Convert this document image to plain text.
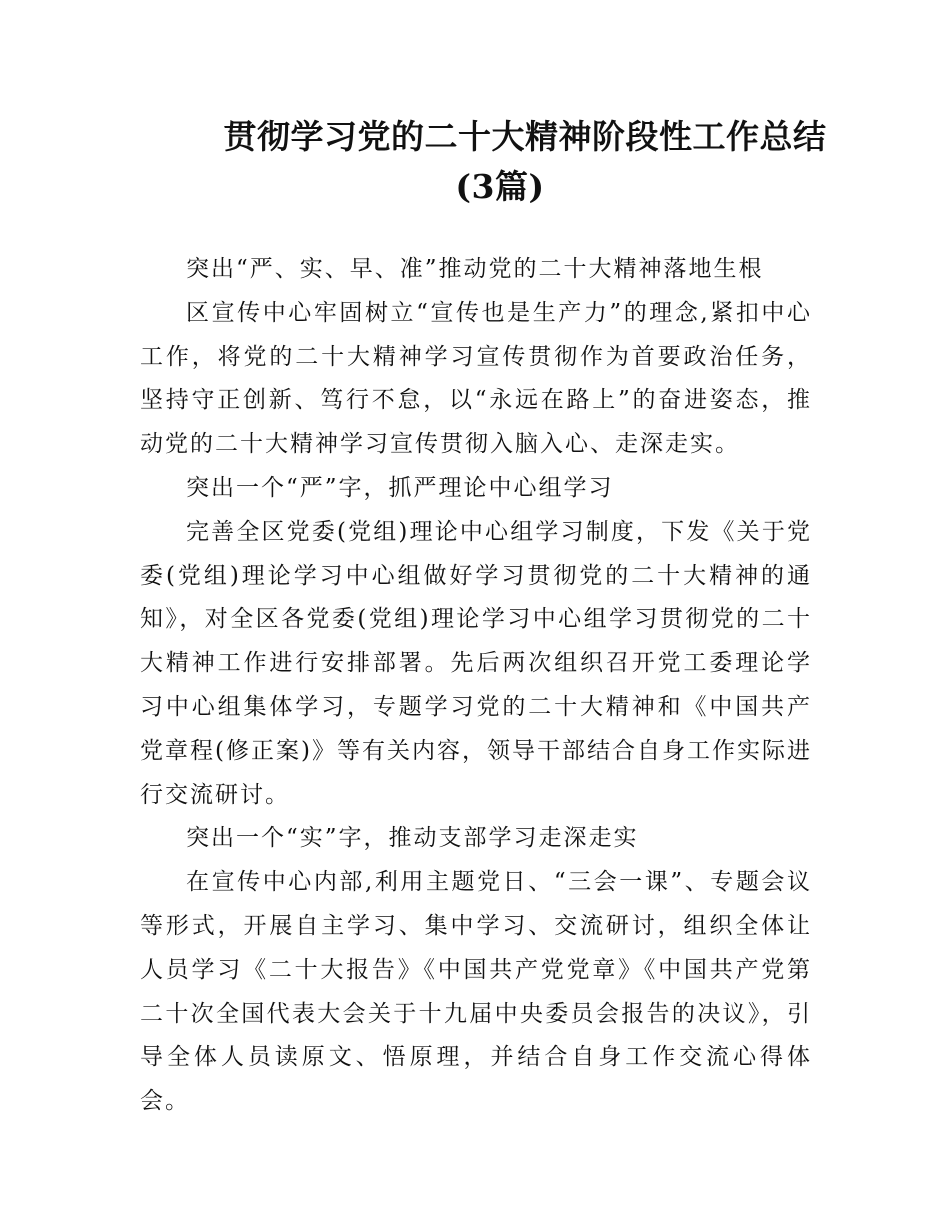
贯彻学习党的二十大精神阶段性工作总结
(3篇)

突出“严、实、早、准”推动党的二十大精神落地生根

区宣传中心牢固树立“宣传也是生产力”的理念,紧扣中心工作，将党的二十大精神学习宣传贯彻作为首要政治任务，坚持守正创新、笃行不怠，以“永远在路上”的奋进姿态，推动党的二十大精神学习宣传贯彻入脑入心、走深走实。

突出一个“严”字，抓严理论中心组学习

完善全区党委(党组)理论中心组学习制度，下发《关于党委(党组)理论学习中心组做好学习贯彻党的二十大精神的通知》，对全区各党委(党组)理论学习中心组学习贯彻党的二十大精神工作进行安排部署。先后两次组织召开党工委理论学习中心组集体学习，专题学习党的二十大精神和《中国共产党章程(修正案)》等有关内容，领导干部结合自身工作实际进行交流研讨。

突出一个“实”字，推动支部学习走深走实

在宣传中心内部,利用主题党日、“三会一课”、专题会议等形式，开展自主学习、集中学习、交流研讨，组织全体让人员学习《二十大报告》《中国共产党党章》《中国共产党第二十次全国代表大会关于十九届中央委员会报告的决议》，引导全体人员读原文、悟原理，并结合自身工作交流心得体会。
